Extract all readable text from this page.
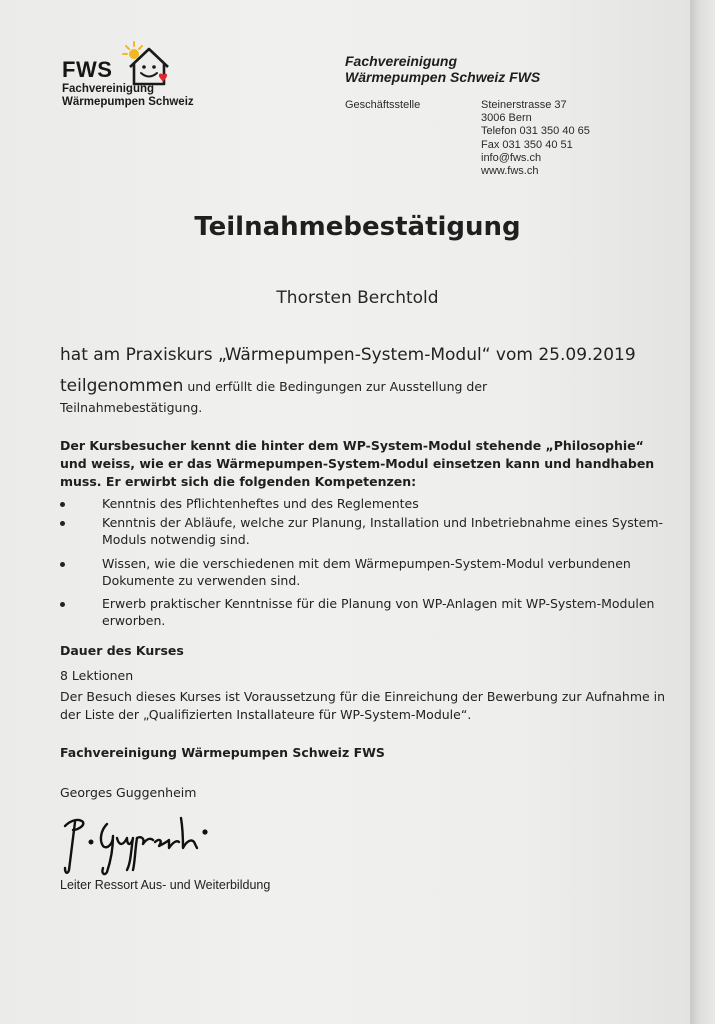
FWS
Fachvereinigung
Wärmepumpen Schweiz
Fachvereinigung
Wärmepumpen Schweiz FWS
Geschäftsstelle	Steinerstrasse 37
3006 Bern
Telefon 031 350 40 65
Fax 031 350 40 51
info@fws.ch
www.fws.ch
Teilnahmebestätigung
Thorsten Berchtold
hat am Praxiskurs „Wärmepumpen-System-Modul“ vom 25.09.2019
teilgenommen und erfüllt die Bedingungen zur Ausstellung der
Teilnahmebestätigung.
Der Kursbesucher kennt die hinter dem WP-System-Modul stehende „Philosophie“ und weiss, wie er das Wärmepumpen-System-Modul einsetzen kann und handhaben muss. Er erwirbt sich die folgenden Kompetenzen:
Kenntnis des Pflichtenheftes und des Reglementes
Kenntnis der Abläufe, welche zur Planung, Installation und Inbetriebnahme eines System-Moduls notwendig sind.
Wissen, wie die verschiedenen mit dem Wärmepumpen-System-Modul verbundenen Dokumente zu verwenden sind.
Erwerb praktischer Kenntnisse für die Planung von WP-Anlagen mit WP-System-Modulen erworben.
Dauer des Kurses
8 Lektionen
Der Besuch dieses Kurses ist Voraussetzung für die Einreichung der Bewerbung zur Aufnahme in der Liste der „Qualifizierten Installateure für WP-System-Module“.
Fachvereinigung Wärmepumpen Schweiz FWS
Georges Guggenheim
Leiter Ressort Aus- und Weiterbildung
